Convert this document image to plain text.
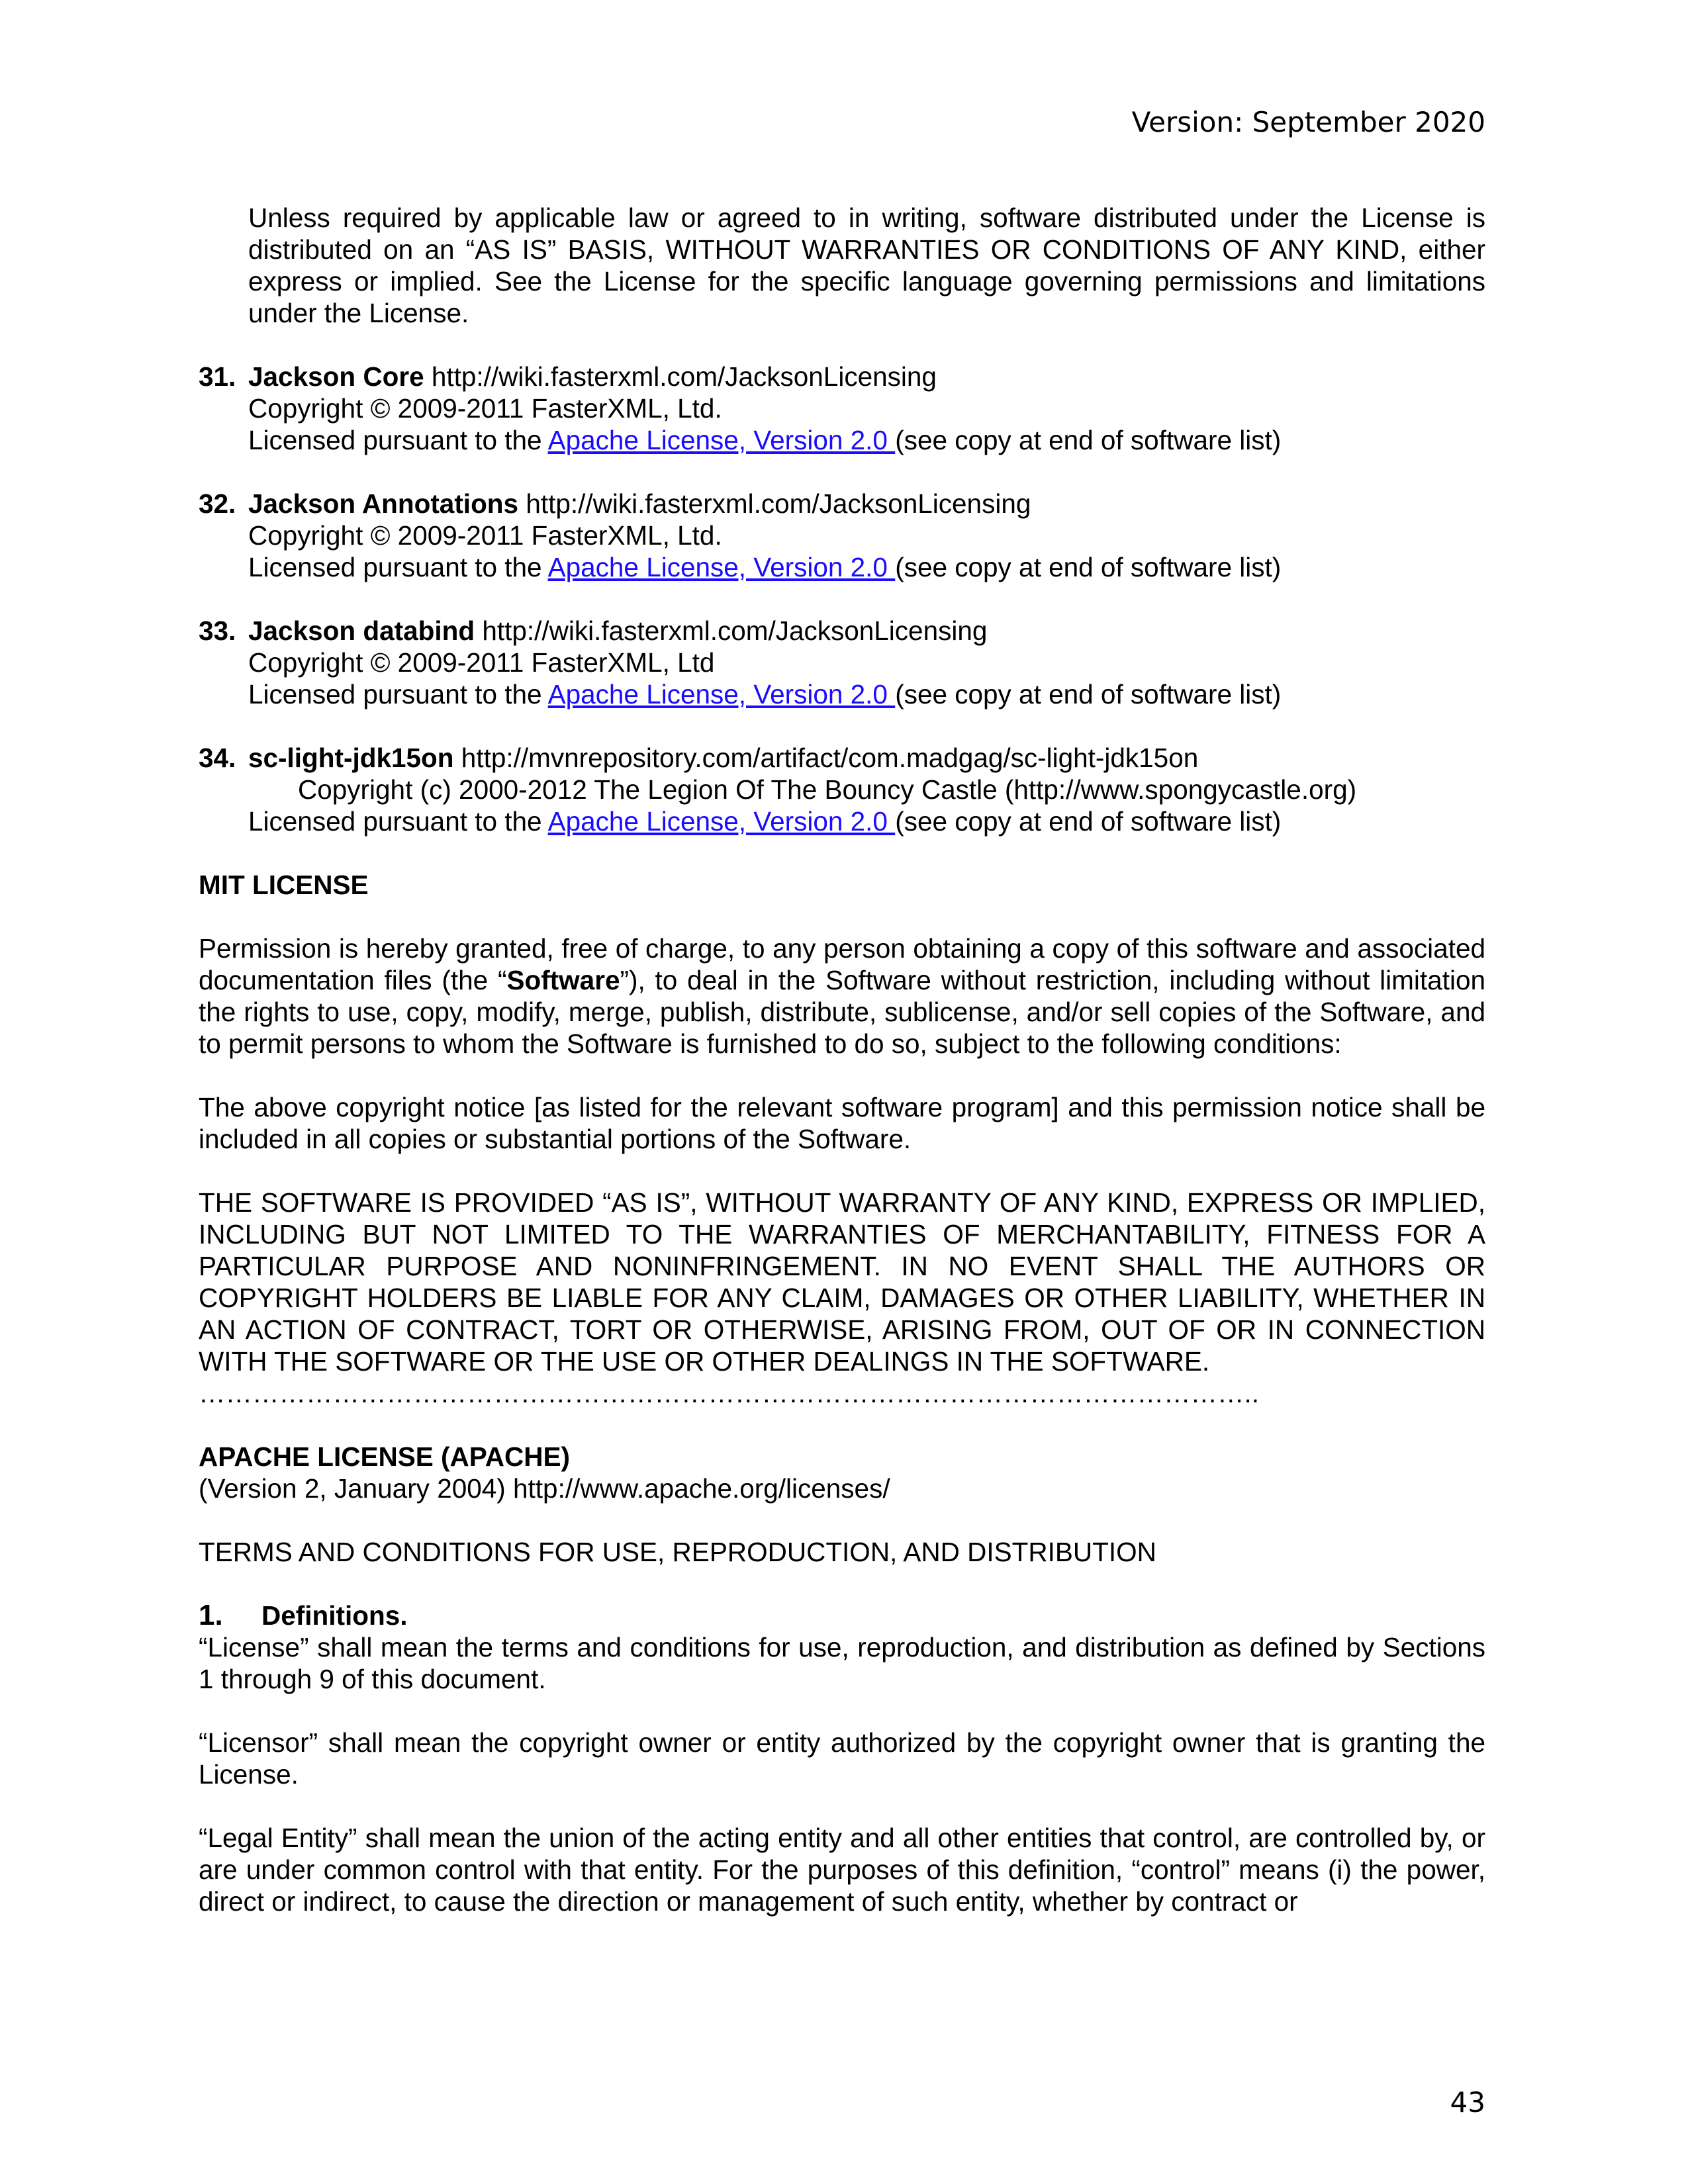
Version: September 2020

Unless required by applicable law or agreed to in writing, software distributed under the License is distributed on an “AS IS” BASIS, WITHOUT WARRANTIES OR CONDITIONS OF ANY KIND, either express or implied. See the License for the specific language governing permissions and limitations under the License.

31. Jackson Core http://wiki.fasterxml.com/JacksonLicensing
Copyright © 2009-2011 FasterXML, Ltd.
Licensed pursuant to the Apache License, Version 2.0 (see copy at end of software list)
32. Jackson Annotations http://wiki.fasterxml.com/JacksonLicensing
Copyright © 2009-2011 FasterXML, Ltd.
Licensed pursuant to the Apache License, Version 2.0 (see copy at end of software list)
33. Jackson databind http://wiki.fasterxml.com/JacksonLicensing
Copyright © 2009-2011 FasterXML, Ltd
Licensed pursuant to the Apache License, Version 2.0 (see copy at end of software list)
34. sc-light-jdk15on http://mvnrepository.com/artifact/com.madgag/sc-light-jdk15on
Copyright (c) 2000-2012 The Legion Of The Bouncy Castle (http://www.spongycastle.org)
Licensed pursuant to the Apache License, Version 2.0 (see copy at end of software list)

MIT LICENSE

Permission is hereby granted, free of charge, to any person obtaining a copy of this software and associated documentation files (the “Software”), to deal in the Software without restriction, including without limitation the rights to use, copy, modify, merge, publish, distribute, sublicense, and/or sell copies of the Software, and to permit persons to whom the Software is furnished to do so, subject to the following conditions:

The above copyright notice [as listed for the relevant software program] and this permission notice shall be included in all copies or substantial portions of the Software.

THE SOFTWARE IS PROVIDED “AS IS”, WITHOUT WARRANTY OF ANY KIND, EXPRESS OR IMPLIED, INCLUDING BUT NOT LIMITED TO THE WARRANTIES OF MERCHANTABILITY, FITNESS FOR A PARTICULAR PURPOSE AND NONINFRINGEMENT. IN NO EVENT SHALL THE AUTHORS OR COPYRIGHT HOLDERS BE LIABLE FOR ANY CLAIM, DAMAGES OR OTHER LIABILITY, WHETHER IN AN ACTION OF CONTRACT, TORT OR OTHERWISE, ARISING FROM, OUT OF OR IN CONNECTION WITH THE SOFTWARE OR THE USE OR OTHER DEALINGS IN THE SOFTWARE.

………………………………………………………………………………………………………..

APACHE LICENSE (APACHE)

(Version 2, January 2004) http://www.apache.org/licenses/

TERMS AND CONDITIONS FOR USE, REPRODUCTION, AND DISTRIBUTION

1. Definitions.

“License” shall mean the terms and conditions for use, reproduction, and distribution as defined by Sections 1 through 9 of this document.

“Licensor” shall mean the copyright owner or entity authorized by the copyright owner that is granting the License.

“Legal Entity” shall mean the union of the acting entity and all other entities that control, are controlled by, or are under common control with that entity. For the purposes of this definition, “control” means (i) the power, direct or indirect, to cause the direction or management of such entity, whether by contract or

43
